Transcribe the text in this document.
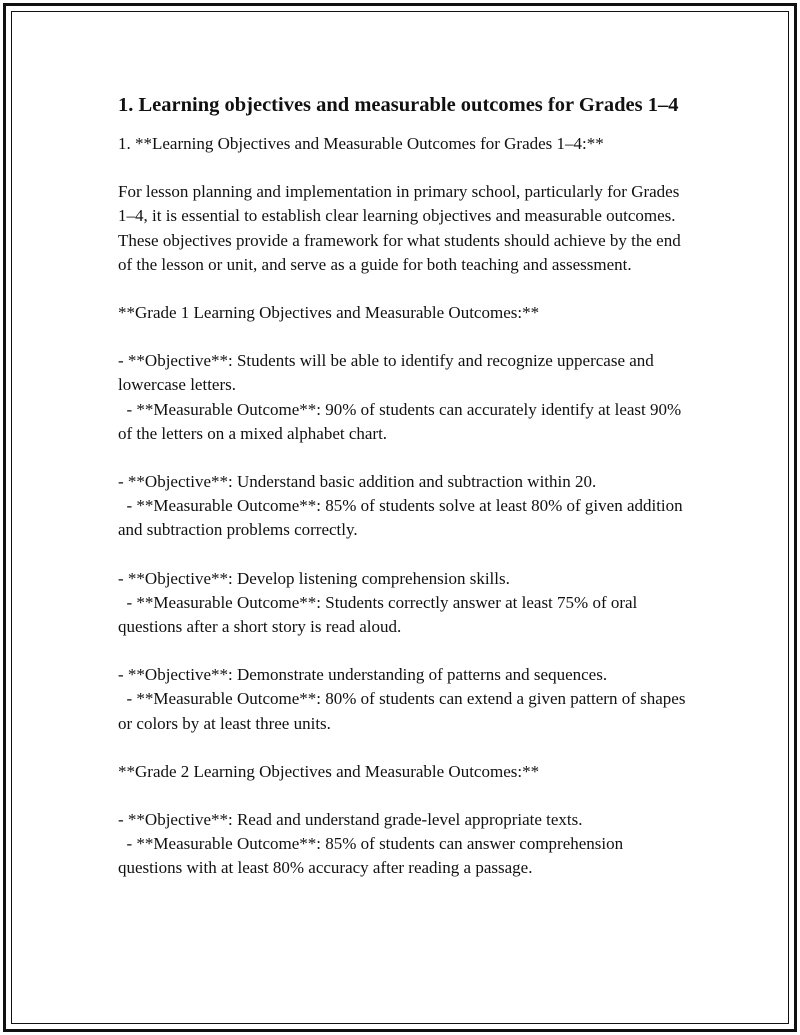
1. Learning objectives and measurable outcomes for Grades 1–4

1. **Learning Objectives and Measurable Outcomes for Grades 1–4:**

For lesson planning and implementation in primary school, particularly for Grades 1–4, it is essential to establish clear learning objectives and measurable outcomes. These objectives provide a framework for what students should achieve by the end of the lesson or unit, and serve as a guide for both teaching and assessment.

**Grade 1 Learning Objectives and Measurable Outcomes:**

- **Objective**: Students will be able to identify and recognize uppercase and lowercase letters.
- **Measurable Outcome**: 90% of students can accurately identify at least 90% of the letters on a mixed alphabet chart.
- **Objective**: Understand basic addition and subtraction within 20.
- **Measurable Outcome**: 85% of students solve at least 80% of given addition and subtraction problems correctly.
- **Objective**: Develop listening comprehension skills.
- **Measurable Outcome**: Students correctly answer at least 75% of oral questions after a short story is read aloud.
- **Objective**: Demonstrate understanding of patterns and sequences.
- **Measurable Outcome**: 80% of students can extend a given pattern of shapes or colors by at least three units.

**Grade 2 Learning Objectives and Measurable Outcomes:**

- **Objective**: Read and understand grade-level appropriate texts.
- **Measurable Outcome**: 85% of students can answer comprehension questions with at least 80% accuracy after reading a passage.
